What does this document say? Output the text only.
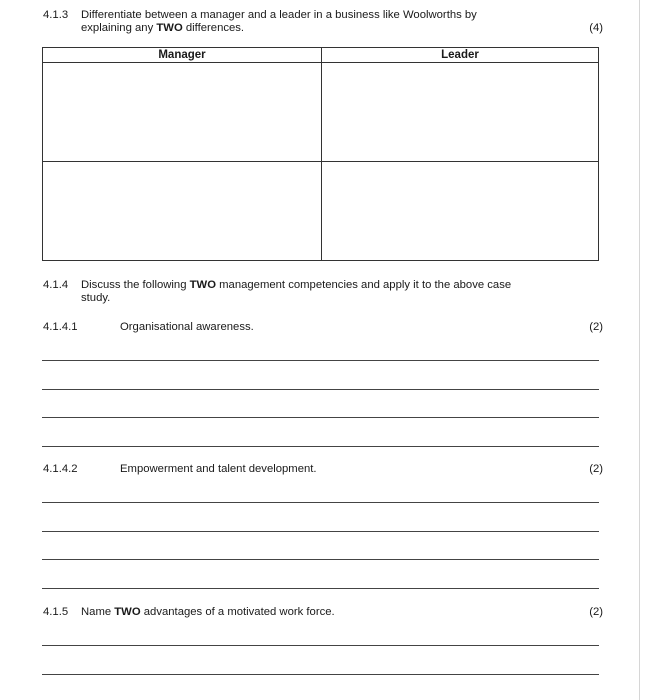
4.1.3 Differentiate between a manager and a leader in a business like Woolworths by
explaining any TWO differences.	(4)
Manager	Leader
4.1.4 Discuss the following TWO management competencies and apply it to the above case
study.
4.1.4.1	Organisational awareness.	(2)
4.1.4.2	Empowerment and talent development.	(2)
4.1.5 Name TWO advantages of a motivated work force.	(2)
